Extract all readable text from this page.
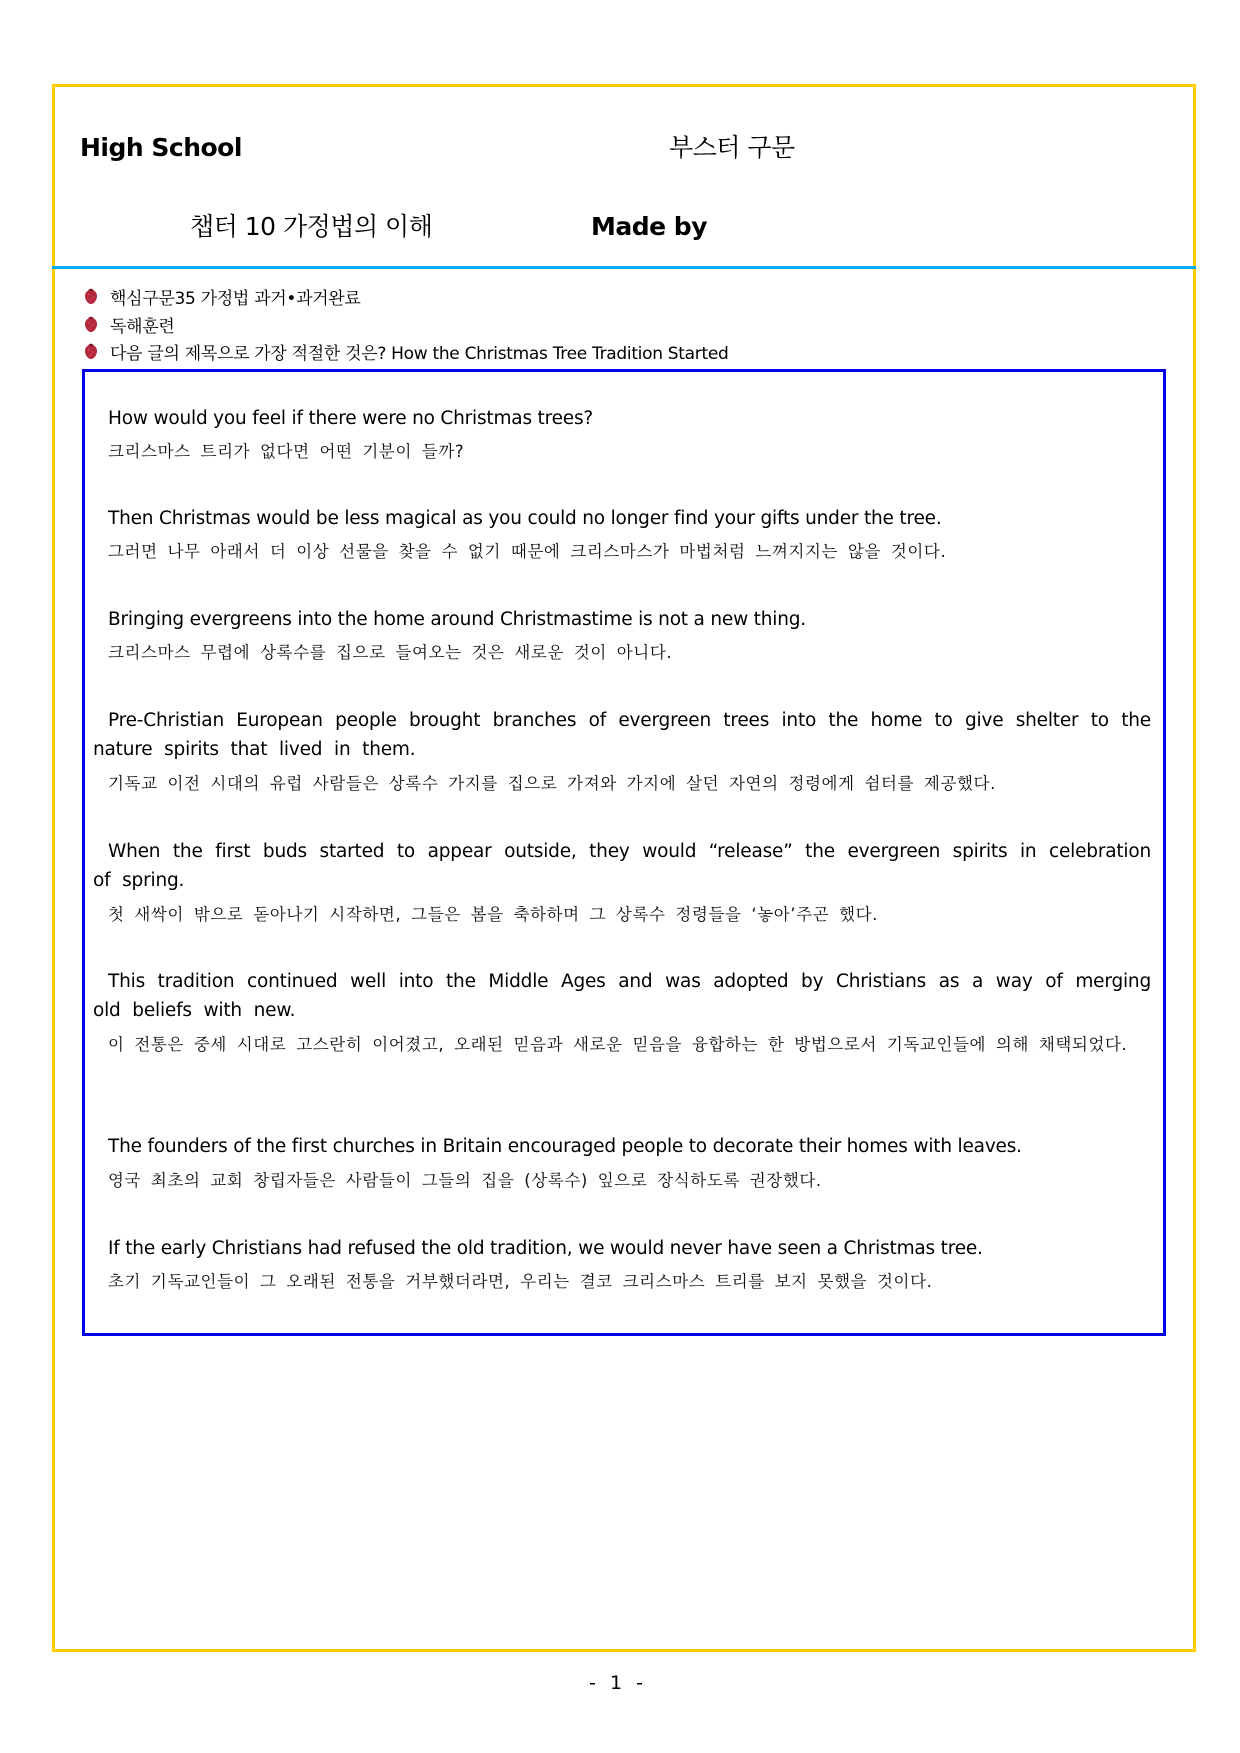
High School	부스터 구문
챕터 10 가정법의 이해	Made by
핵심구문35 가정법 과거•과거완료
독해훈련
다음 글의 제목으로 가장 적절한 것은? How the Christmas Tree Tradition Started
How would you feel if there were no Christmas trees?
크리스마스 트리가 없다면 어떤 기분이 들까?
Then Christmas would be less magical as you could no longer find your gifts under the tree.
그러면 나무 아래서 더 이상 선물을 찾을 수 없기 때문에 크리스마스가 마법처럼 느껴지지는 않을 것이다.
Bringing evergreens into the home around Christmastime is not a new thing.
크리스마스 무렵에 상록수를 집으로 들여오는 것은 새로운 것이 아니다.
Pre-Christian European people brought branches of evergreen trees into the home to give shelter to the nature spirits that lived in them.
기독교 이전 시대의 유럽 사람들은 상록수 가지를 집으로 가져와 가지에 살던 자연의 정령에게 쉼터를 제공했다.
When the first buds started to appear outside, they would “release” the evergreen spirits in celebration of spring.
첫 새싹이 밖으로 돋아나기 시작하면, 그들은 봄을 축하하며 그 상록수 정령들을 ‘놓아’주곤 했다.
This tradition continued well into the Middle Ages and was adopted by Christians as a way of merging old beliefs with new.
이 전통은 중세 시대로 고스란히 이어졌고, 오래된 믿음과 새로운 믿음을 융합하는 한 방법으로서 기독교인들에 의해 채택되었다.
The founders of the first churches in Britain encouraged people to decorate their homes with leaves.
영국 최초의 교회 창립자들은 사람들이 그들의 집을 (상록수) 잎으로 장식하도록 권장했다.
If the early Christians had refused the old tradition, we would never have seen a Christmas tree.
초기 기독교인들이 그 오래된 전통을 거부했더라면, 우리는 결코 크리스마스 트리를 보지 못했을 것이다.
- 1 -
